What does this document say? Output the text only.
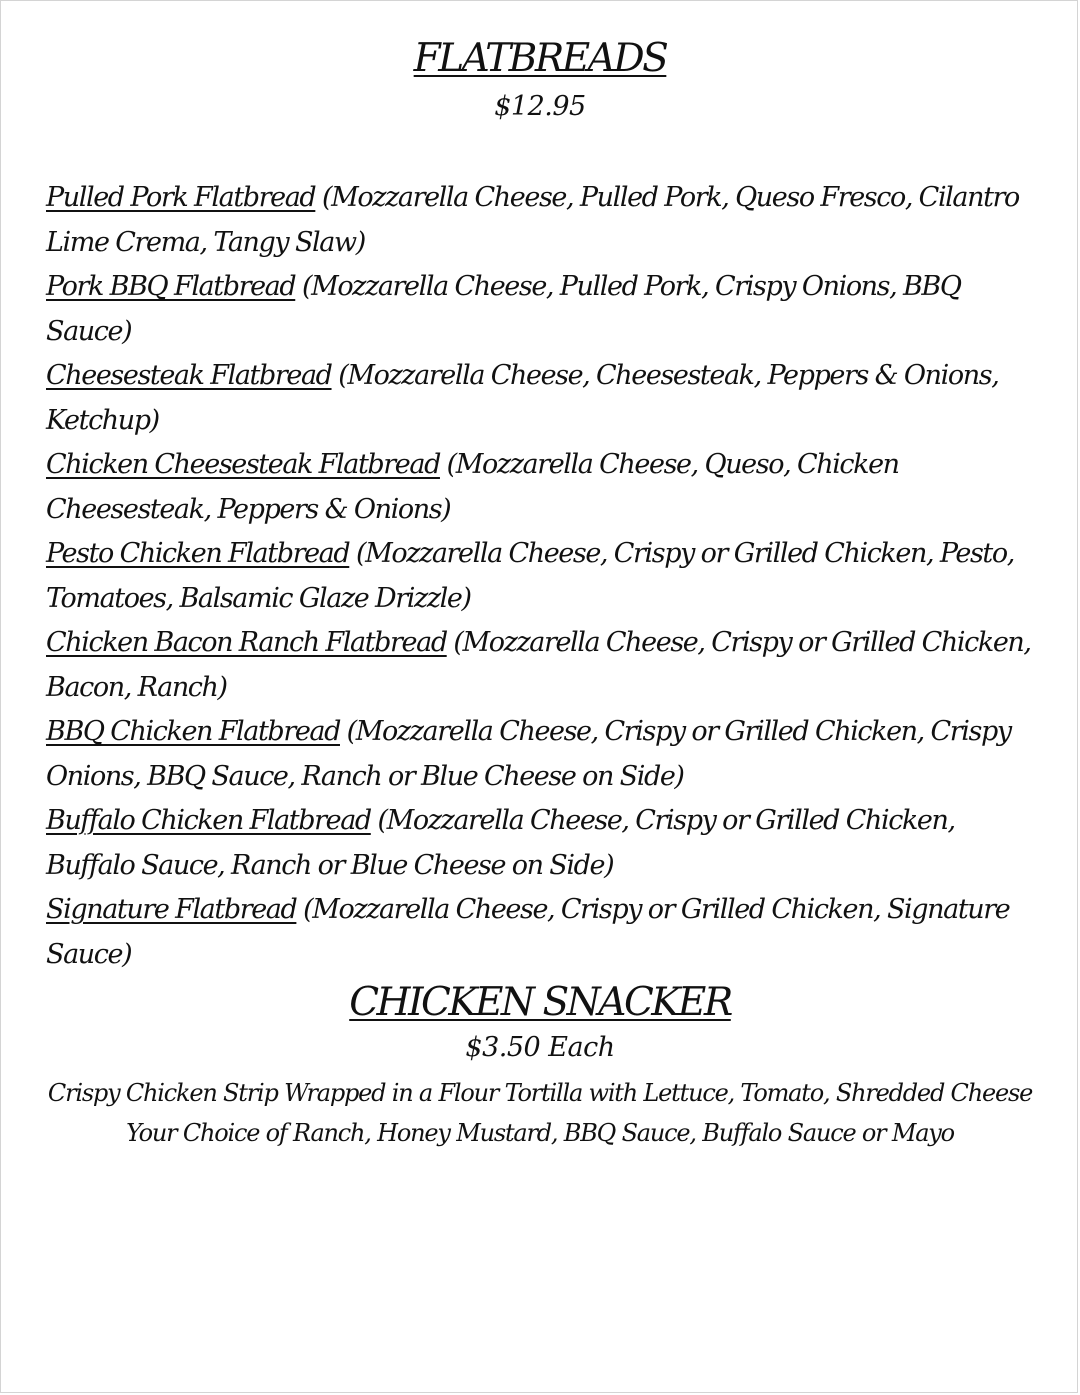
FLATBREADS
$12.95
Pulled Pork Flatbread (Mozzarella Cheese, Pulled Pork, Queso Fresco, Cilantro Lime Crema, Tangy Slaw)
Pork BBQ Flatbread (Mozzarella Cheese, Pulled Pork, Crispy Onions, BBQ Sauce)
Cheesesteak Flatbread (Mozzarella Cheese, Cheesesteak, Peppers & Onions, Ketchup)
Chicken Cheesesteak Flatbread (Mozzarella Cheese, Queso, Chicken Cheesesteak, Peppers & Onions)
Pesto Chicken Flatbread (Mozzarella Cheese, Crispy or Grilled Chicken, Pesto, Tomatoes, Balsamic Glaze Drizzle)
Chicken Bacon Ranch Flatbread (Mozzarella Cheese, Crispy or Grilled Chicken, Bacon, Ranch)
BBQ Chicken Flatbread (Mozzarella Cheese, Crispy or Grilled Chicken, Crispy Onions, BBQ Sauce, Ranch or Blue Cheese on Side)
Buffalo Chicken Flatbread (Mozzarella Cheese, Crispy or Grilled Chicken, Buffalo Sauce, Ranch or Blue Cheese on Side)
Signature Flatbread (Mozzarella Cheese, Crispy or Grilled Chicken, Signature Sauce)
CHICKEN SNACKER
$3.50 Each
Crispy Chicken Strip Wrapped in a Flour Tortilla with Lettuce, Tomato, Shredded Cheese
Your Choice of Ranch, Honey Mustard, BBQ Sauce, Buffalo Sauce or Mayo
